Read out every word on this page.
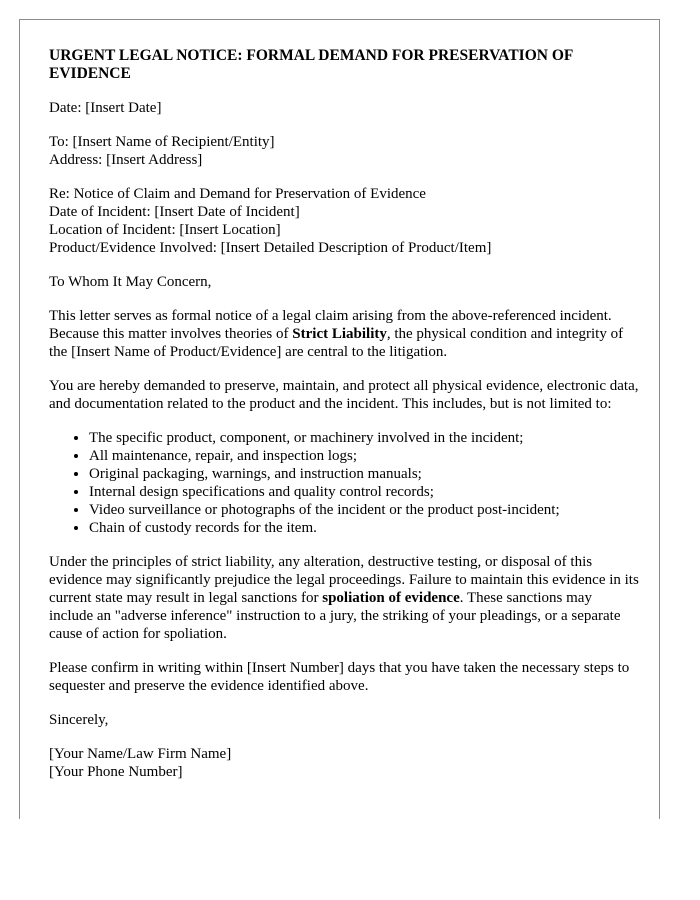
URGENT LEGAL NOTICE: FORMAL DEMAND FOR PRESERVATION OF EVIDENCE

Date: [Insert Date]

To: [Insert Name of Recipient/Entity]
Address: [Insert Address]
Re: Notice of Claim and Demand for Preservation of Evidence
Date of Incident: [Insert Date of Incident]
Location of Incident: [Insert Location]
Product/Evidence Involved: [Insert Detailed Description of Product/Item]

To Whom It May Concern,

This letter serves as formal notice of a legal claim arising from the above-referenced incident. Because this matter involves theories of Strict Liability, the physical condition and integrity of the [Insert Name of Product/Evidence] are central to the litigation.

You are hereby demanded to preserve, maintain, and protect all physical evidence, electronic data, and documentation related to the product and the incident. This includes, but is not limited to:

• The specific product, component, or machinery involved in the incident;
• All maintenance, repair, and inspection logs;
• Original packaging, warnings, and instruction manuals;
• Internal design specifications and quality control records;
• Video surveillance or photographs of the incident or the product post-incident;
• Chain of custody records for the item.

Under the principles of strict liability, any alteration, destructive testing, or disposal of this evidence may significantly prejudice the legal proceedings. Failure to maintain this evidence in its current state may result in legal sanctions for spoliation of evidence. These sanctions may include an "adverse inference" instruction to a jury, the striking of your pleadings, or a separate cause of action for spoliation.

Please confirm in writing within [Insert Number] days that you have taken the necessary steps to sequester and preserve the evidence identified above.

Sincerely,

[Your Name/Law Firm Name]
[Your Phone Number]
